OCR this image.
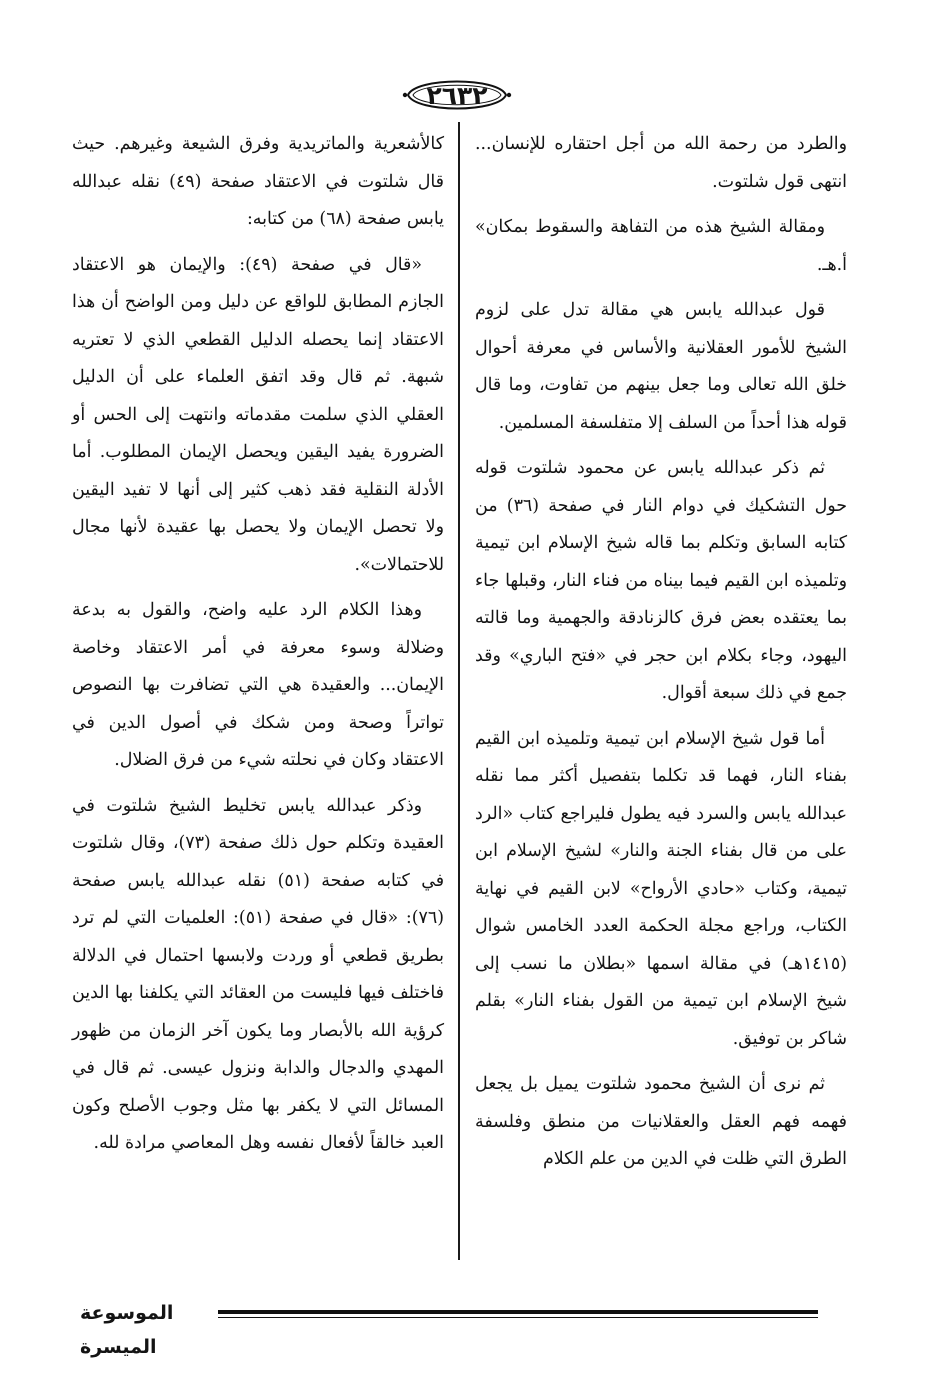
٢٦٣٢

والطرد من رحمة الله من أجل احتقاره للإنسان... انتهى قول شلتوت.

ومقالة الشيخ هذه من التفاهة والسقوط بمكان» أ.هـ.

قول عبدالله يابس هي مقالة تدل على لزوم الشيخ للأمور العقلانية والأساس في معرفة أحوال خلق الله تعالى وما جعل بينهم من تفاوت، وما قال قوله هذا أحداً من السلف إلا متفلسفة المسلمين.

ثم ذكر عبدالله يابس عن محمود شلتوت قوله حول التشكيك في دوام النار في صفحة (٣٦) من كتابه السابق وتكلم بما قاله شيخ الإسلام ابن تيمية وتلميذه ابن القيم فيما بيناه من فناء النار، وقبلها جاء بما يعتقده بعض فرق كالزنادقة والجهمية وما قالته اليهود، وجاء بكلام ابن حجر في «فتح الباري» وقد جمع في ذلك سبعة أقوال.

أما قول شيخ الإسلام ابن تيمية وتلميذه ابن القيم بفناء النار، فهما قد تكلما بتفصيل أكثر مما نقله عبدالله يابس والسرد فيه يطول فليراجع كتاب «الرد على من قال بفناء الجنة والنار» لشيخ الإسلام ابن تيمية، وكتاب «حادي الأرواح» لابن القيم في نهاية الكتاب، وراجع مجلة الحكمة العدد الخامس شوال (١٤١٥هـ) في مقالة اسمها «بطلان ما نسب إلى شيخ الإسلام ابن تيمية من القول بفناء النار» بقلم شاكر بن توفيق.

ثم نرى أن الشيخ محمود شلتوت يميل بل يجعل فهمه فهم العقل والعقلانيات من منطق وفلسفة الطرق التي ظلت في الدين من علم الكلام

كالأشعرية والماتريدية وفرق الشيعة وغيرهم. حيث قال شلتوت في الاعتقاد صفحة (٤٩) نقله عبدالله يابس صفحة (٦٨) من كتابه:

«قال في صفحة (٤٩): والإيمان هو الاعتقاد الجازم المطابق للواقع عن دليل ومن الواضح أن هذا الاعتقاد إنما يحصله الدليل القطعي الذي لا تعتريه شبهة. ثم قال وقد اتفق العلماء على أن الدليل العقلي الذي سلمت مقدماته وانتهت إلى الحس أو الضرورة يفيد اليقين ويحصل الإيمان المطلوب. أما الأدلة النقلية فقد ذهب كثير إلى أنها لا تفيد اليقين ولا تحصل الإيمان ولا يحصل بها عقيدة لأنها مجال للاحتمالات».

وهذا الكلام الرد عليه واضح، والقول به بدعة وضلالة وسوء معرفة في أمر الاعتقاد وخاصة الإيمان... والعقيدة هي التي تضافرت بها النصوص تواتراً وصحة ومن شكك في أصول الدين في الاعتقاد وكان في نحلته شيء من فرق الضلال.

وذكر عبدالله يابس تخليط الشيخ شلتوت في العقيدة وتكلم حول ذلك صفحة (٧٣)، وقال شلتوت في كتابه صفحة (٥١) نقله عبدالله يابس صفحة (٧٦): «قال في صفحة (٥١): العلميات التي لم ترد بطريق قطعي أو وردت ولابسها احتمال في الدلالة فاختلف فيها فليست من العقائد التي يكلفنا بها الدين كرؤية الله بالأبصار وما يكون آخر الزمان من ظهور المهدي والدجال والدابة ونزول عيسى. ثم قال في المسائل التي لا يكفر بها مثل وجوب الأصلح وكون العبد خالقاً لأفعال نفسه وهل المعاصي مرادة لله.

الموسوعة الميسرة
